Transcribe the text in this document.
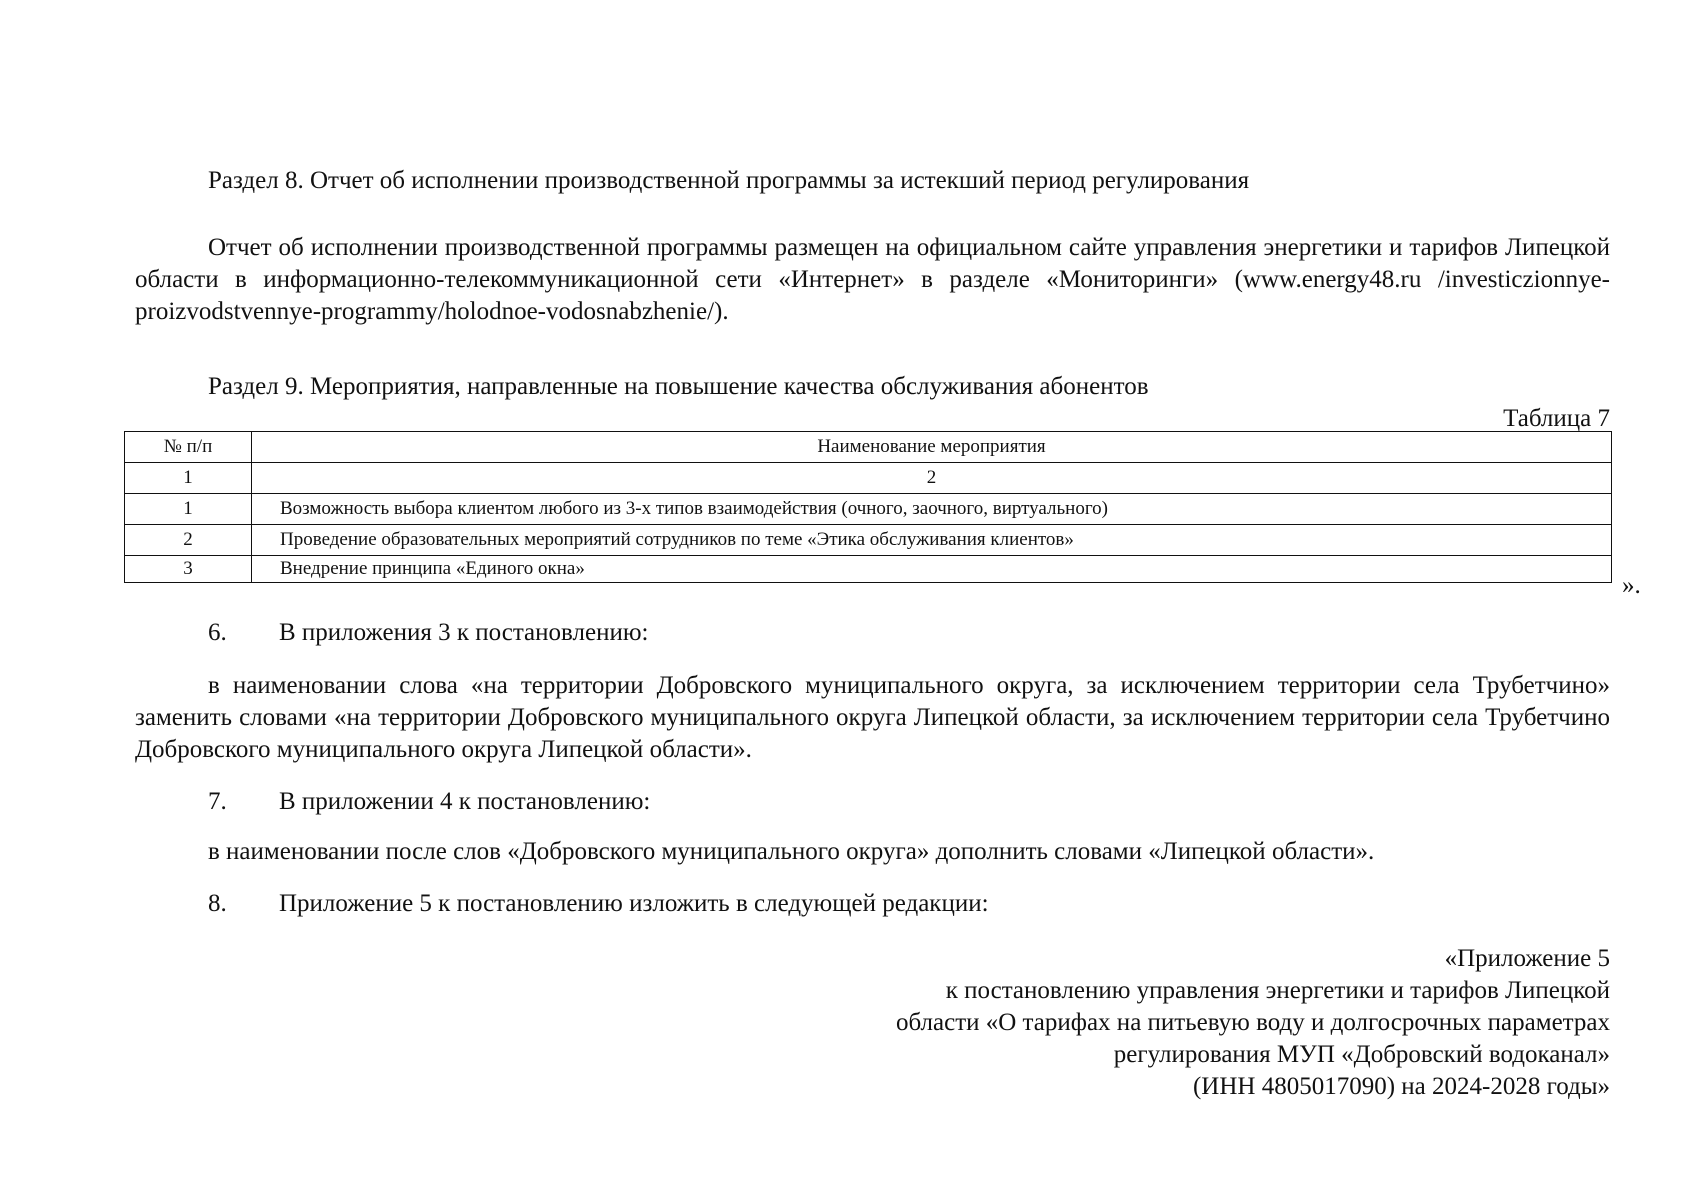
Раздел 8. Отчет об исполнении производственной программы за истекший период регулирования
Отчет об исполнении производственной программы размещен на официальном сайте управления энергетики и тарифов Липецкой области в информационно-телекоммуникационной сети «Интернет» в разделе «Мониторинги» (www.energy48.ru /investiczionnye-proizvodstvennye-programmy/holodnoe-vodosnabzhenie/).
Раздел 9. Мероприятия, направленные на повышение качества обслуживания абонентов
Таблица 7
№ п/п	Наименование мероприятия
1	2
1	Возможность выбора клиентом любого из 3-х типов взаимодействия (очного, заочного, виртуального)
2	Проведение образовательных мероприятий сотрудников по теме «Этика обслуживания клиентов»
3	Внедрение принципа «Единого окна»
».
6. В приложения 3 к постановлению:
в наименовании слова «на территории Добровского муниципального округа, за исключением территории села Трубетчино» заменить словами «на территории Добровского муниципального округа Липецкой области, за исключением территории села Трубетчино Добровского муниципального округа Липецкой области».
7. В приложении 4 к постановлению:
в наименовании после слов «Добровского муниципального округа» дополнить словами «Липецкой области».
8. Приложение 5 к постановлению изложить в следующей редакции:
«Приложение 5
к постановлению управления энергетики и тарифов Липецкой
области «О тарифах на питьевую воду и долгосрочных параметрах
регулирования МУП «Добровский водоканал»
(ИНН 4805017090) на 2024-2028 годы»
